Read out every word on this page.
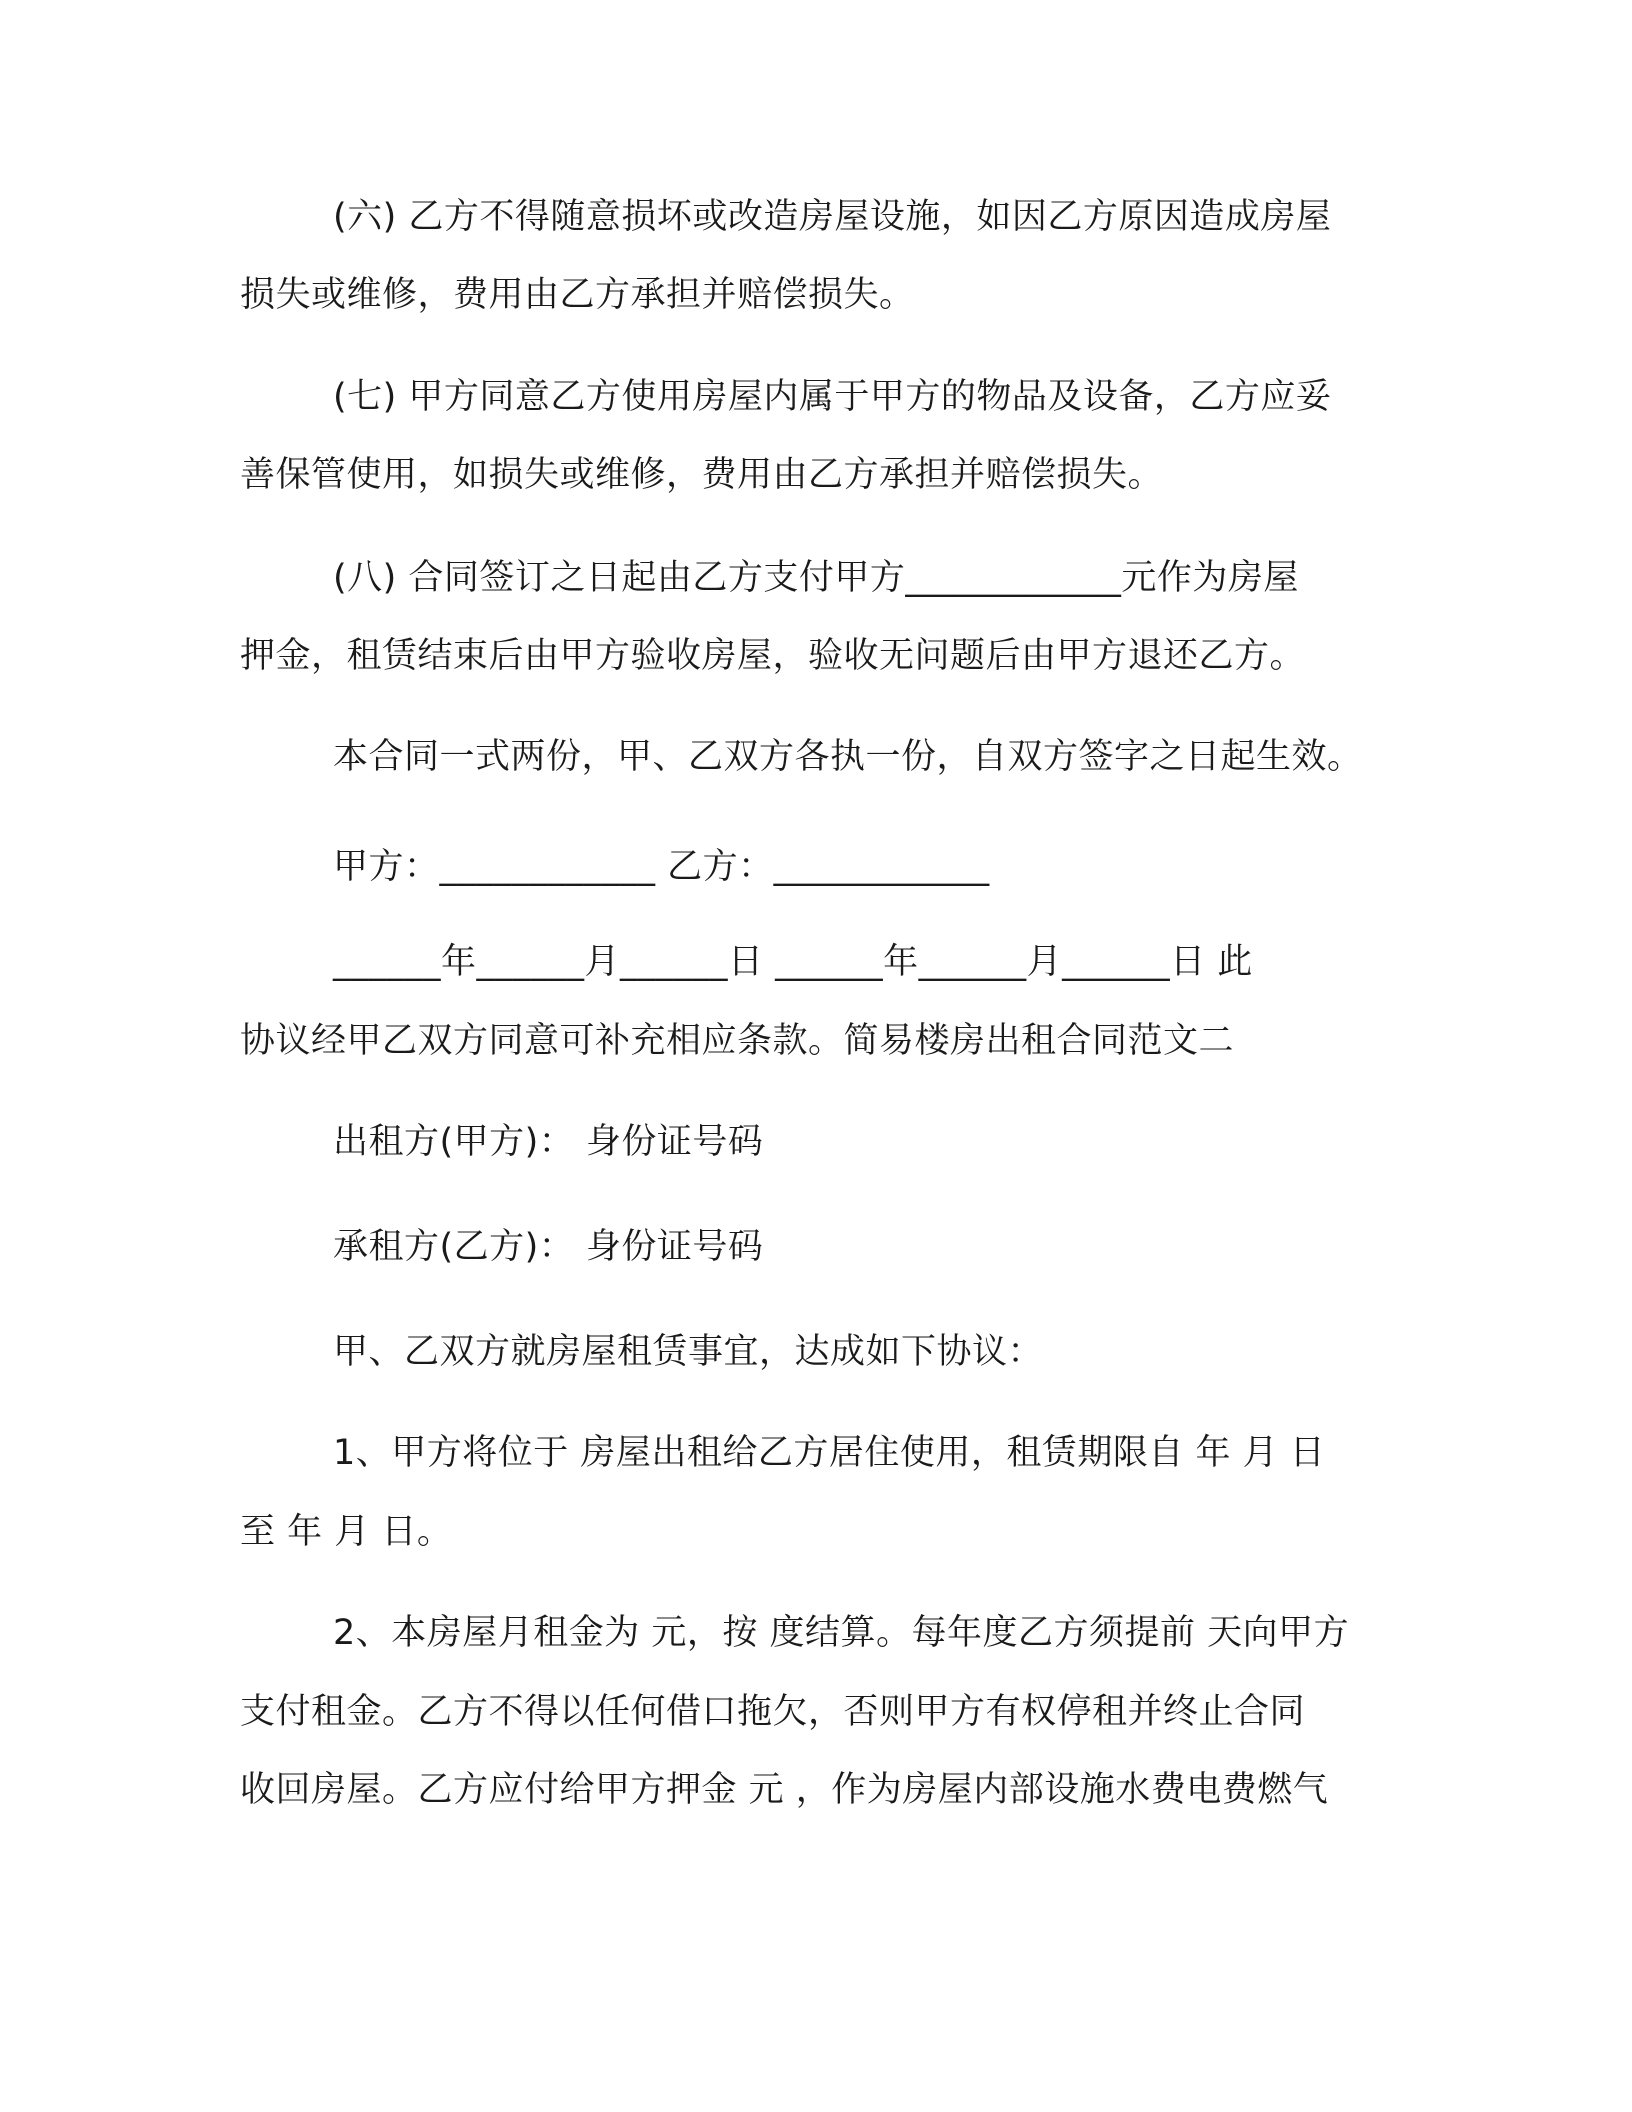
(六) 乙方不得随意损坏或改造房屋设施，如因乙方原因造成房屋
损失或维修，费用由乙方承担并赔偿损失。
(七) 甲方同意乙方使用房屋内属于甲方的物品及设备，乙方应妥
善保管使用，如损失或维修，费用由乙方承担并赔偿损失。
(八) 合同签订之日起由乙方支付甲方____________元作为房屋
押金，租赁结束后由甲方验收房屋，验收无问题后由甲方退还乙方。
本合同一式两份，甲、乙双方各执一份，自双方签字之日起生效。
甲方：____________ 乙方：____________
______年______月______日 ______年______月______日 此
协议经甲乙双方同意可补充相应条款。简易楼房出租合同范文二
出租方(甲方)： 身份证号码
承租方(乙方)： 身份证号码
甲、乙双方就房屋租赁事宜，达成如下协议：
1、甲方将位于 房屋出租给乙方居住使用，租赁期限自 年 月 日
至 年 月 日。
2、本房屋月租金为 元，按 度结算。每年度乙方须提前 天向甲方
支付租金。乙方不得以任何借口拖欠，否则甲方有权停租并终止合同
收回房屋。乙方应付给甲方押金 元 ，作为房屋内部设施水费电费燃气
